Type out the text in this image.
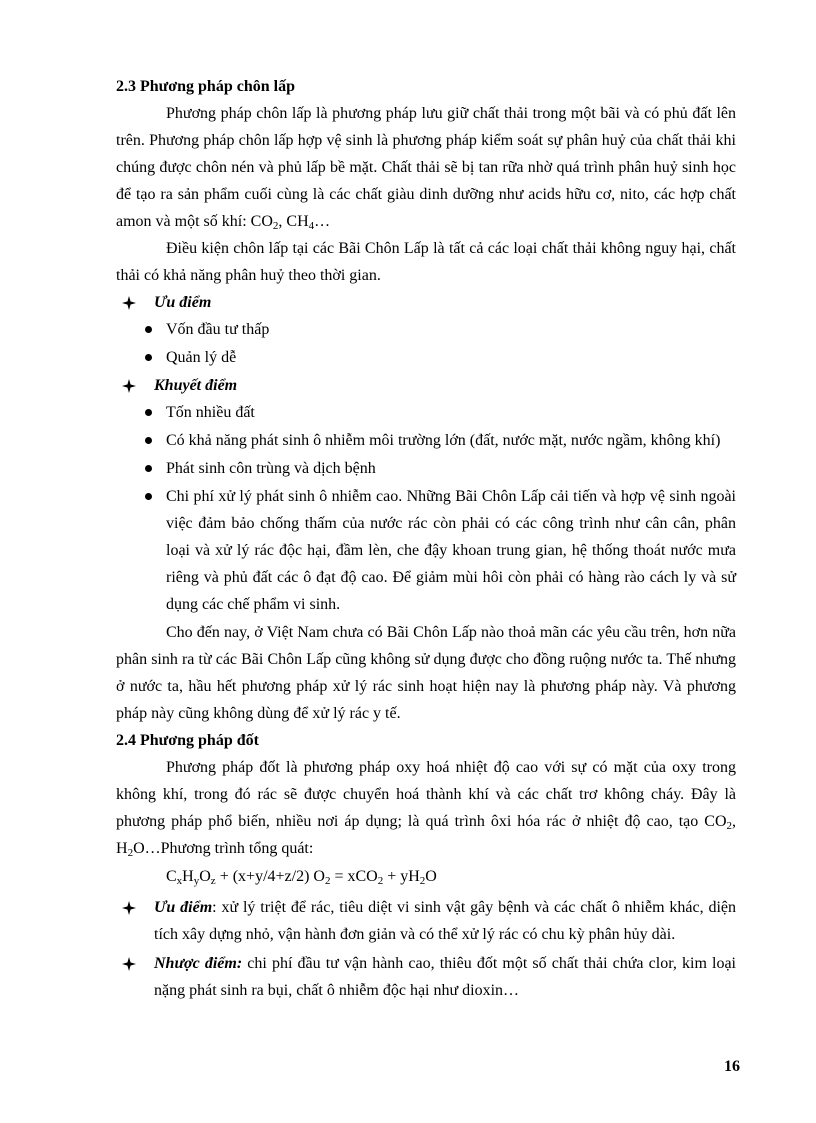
2.3 Phương pháp chôn lấp

Phương pháp chôn lấp là phương pháp lưu giữ chất thải trong một bãi và có phủ đất lên trên. Phương pháp chôn lấp hợp vệ sinh là phương pháp kiểm soát sự phân huỷ của chất thải khi chúng được chôn nén và phủ lấp bề mặt. Chất thải sẽ bị tan rữa nhờ quá trình phân huỷ sinh học để tạo ra sản phẩm cuối cùng là các chất giàu dinh dưỡng như acids hữu cơ, nito, các hợp chất amon và một số khí: $CO_2$, $CH_4\dots$

Điều kiện chôn lấp tại các Bãi Chôn Lấp là tất cả các loại chất thải không nguy hại, chất thải có khả năng phân huỷ theo thời gian.

Ưu điểm

Vốn đầu tư thấp
Quản lý dễ

Khuyết điểm

Tốn nhiều đất
Có khả năng phát sinh ô nhiễm môi trường lớn (đất, nước mặt, nước ngầm, không khí)
Phát sinh côn trùng và dịch bệnh
Chi phí xử lý phát sinh ô nhiễm cao. Những Bãi Chôn Lấp cải tiến và hợp vệ sinh ngoài việc đảm bảo chống thấm của nước rác còn phải có các công trình như cân cân, phân loại và xử lý rác độc hại, đầm lèn, che đậy khoan trung gian, hệ thống thoát nước mưa riêng và phủ đất các ô đạt độ cao. Để giảm mùi hôi còn phải có hàng rào cách ly và sử dụng các chế phẩm vi sinh.

Cho đến nay, ở Việt Nam chưa có Bãi Chôn Lấp nào thoả mãn các yêu cầu trên, hơn nữa phân sinh ra từ các Bãi Chôn Lấp cũng không sử dụng được cho đồng ruộng nước ta. Thế nhưng ở nước ta, hầu hết phương pháp xử lý rác sinh hoạt hiện nay là phương pháp này. Và phương pháp này cũng không dùng để xử lý rác y tế.

2.4 Phương pháp đốt

Phương pháp đốt là phương pháp oxy hoá nhiệt độ cao với sự có mặt của oxy trong không khí, trong đó rác sẽ được chuyển hoá thành khí và các chất trơ không cháy. Đây là phương pháp phổ biến, nhiều nơi áp dụng; là quá trình ôxi hóa rác ở nhiệt độ cao, tạo $CO_2$, $H_2O\dots Phương$ trình tổng quát:

$C_xH_yO_z + (x+y/4+z/2) O_2 = xCO_2 + yH_2O$

Ưu điểm: xử lý triệt để rác, tiêu diệt vi sinh vật gây bệnh và các chất ô nhiễm khác, diện tích xây dựng nhỏ, vận hành đơn giản và có thể xử lý rác có chu kỳ phân hủy dài.

Nhược điểm: chi phí đầu tư vận hành cao, thiêu đốt một số chất thải chứa clor, kim loại nặng phát sinh ra bụi, chất ô nhiễm độc hại như dioxin…

16
